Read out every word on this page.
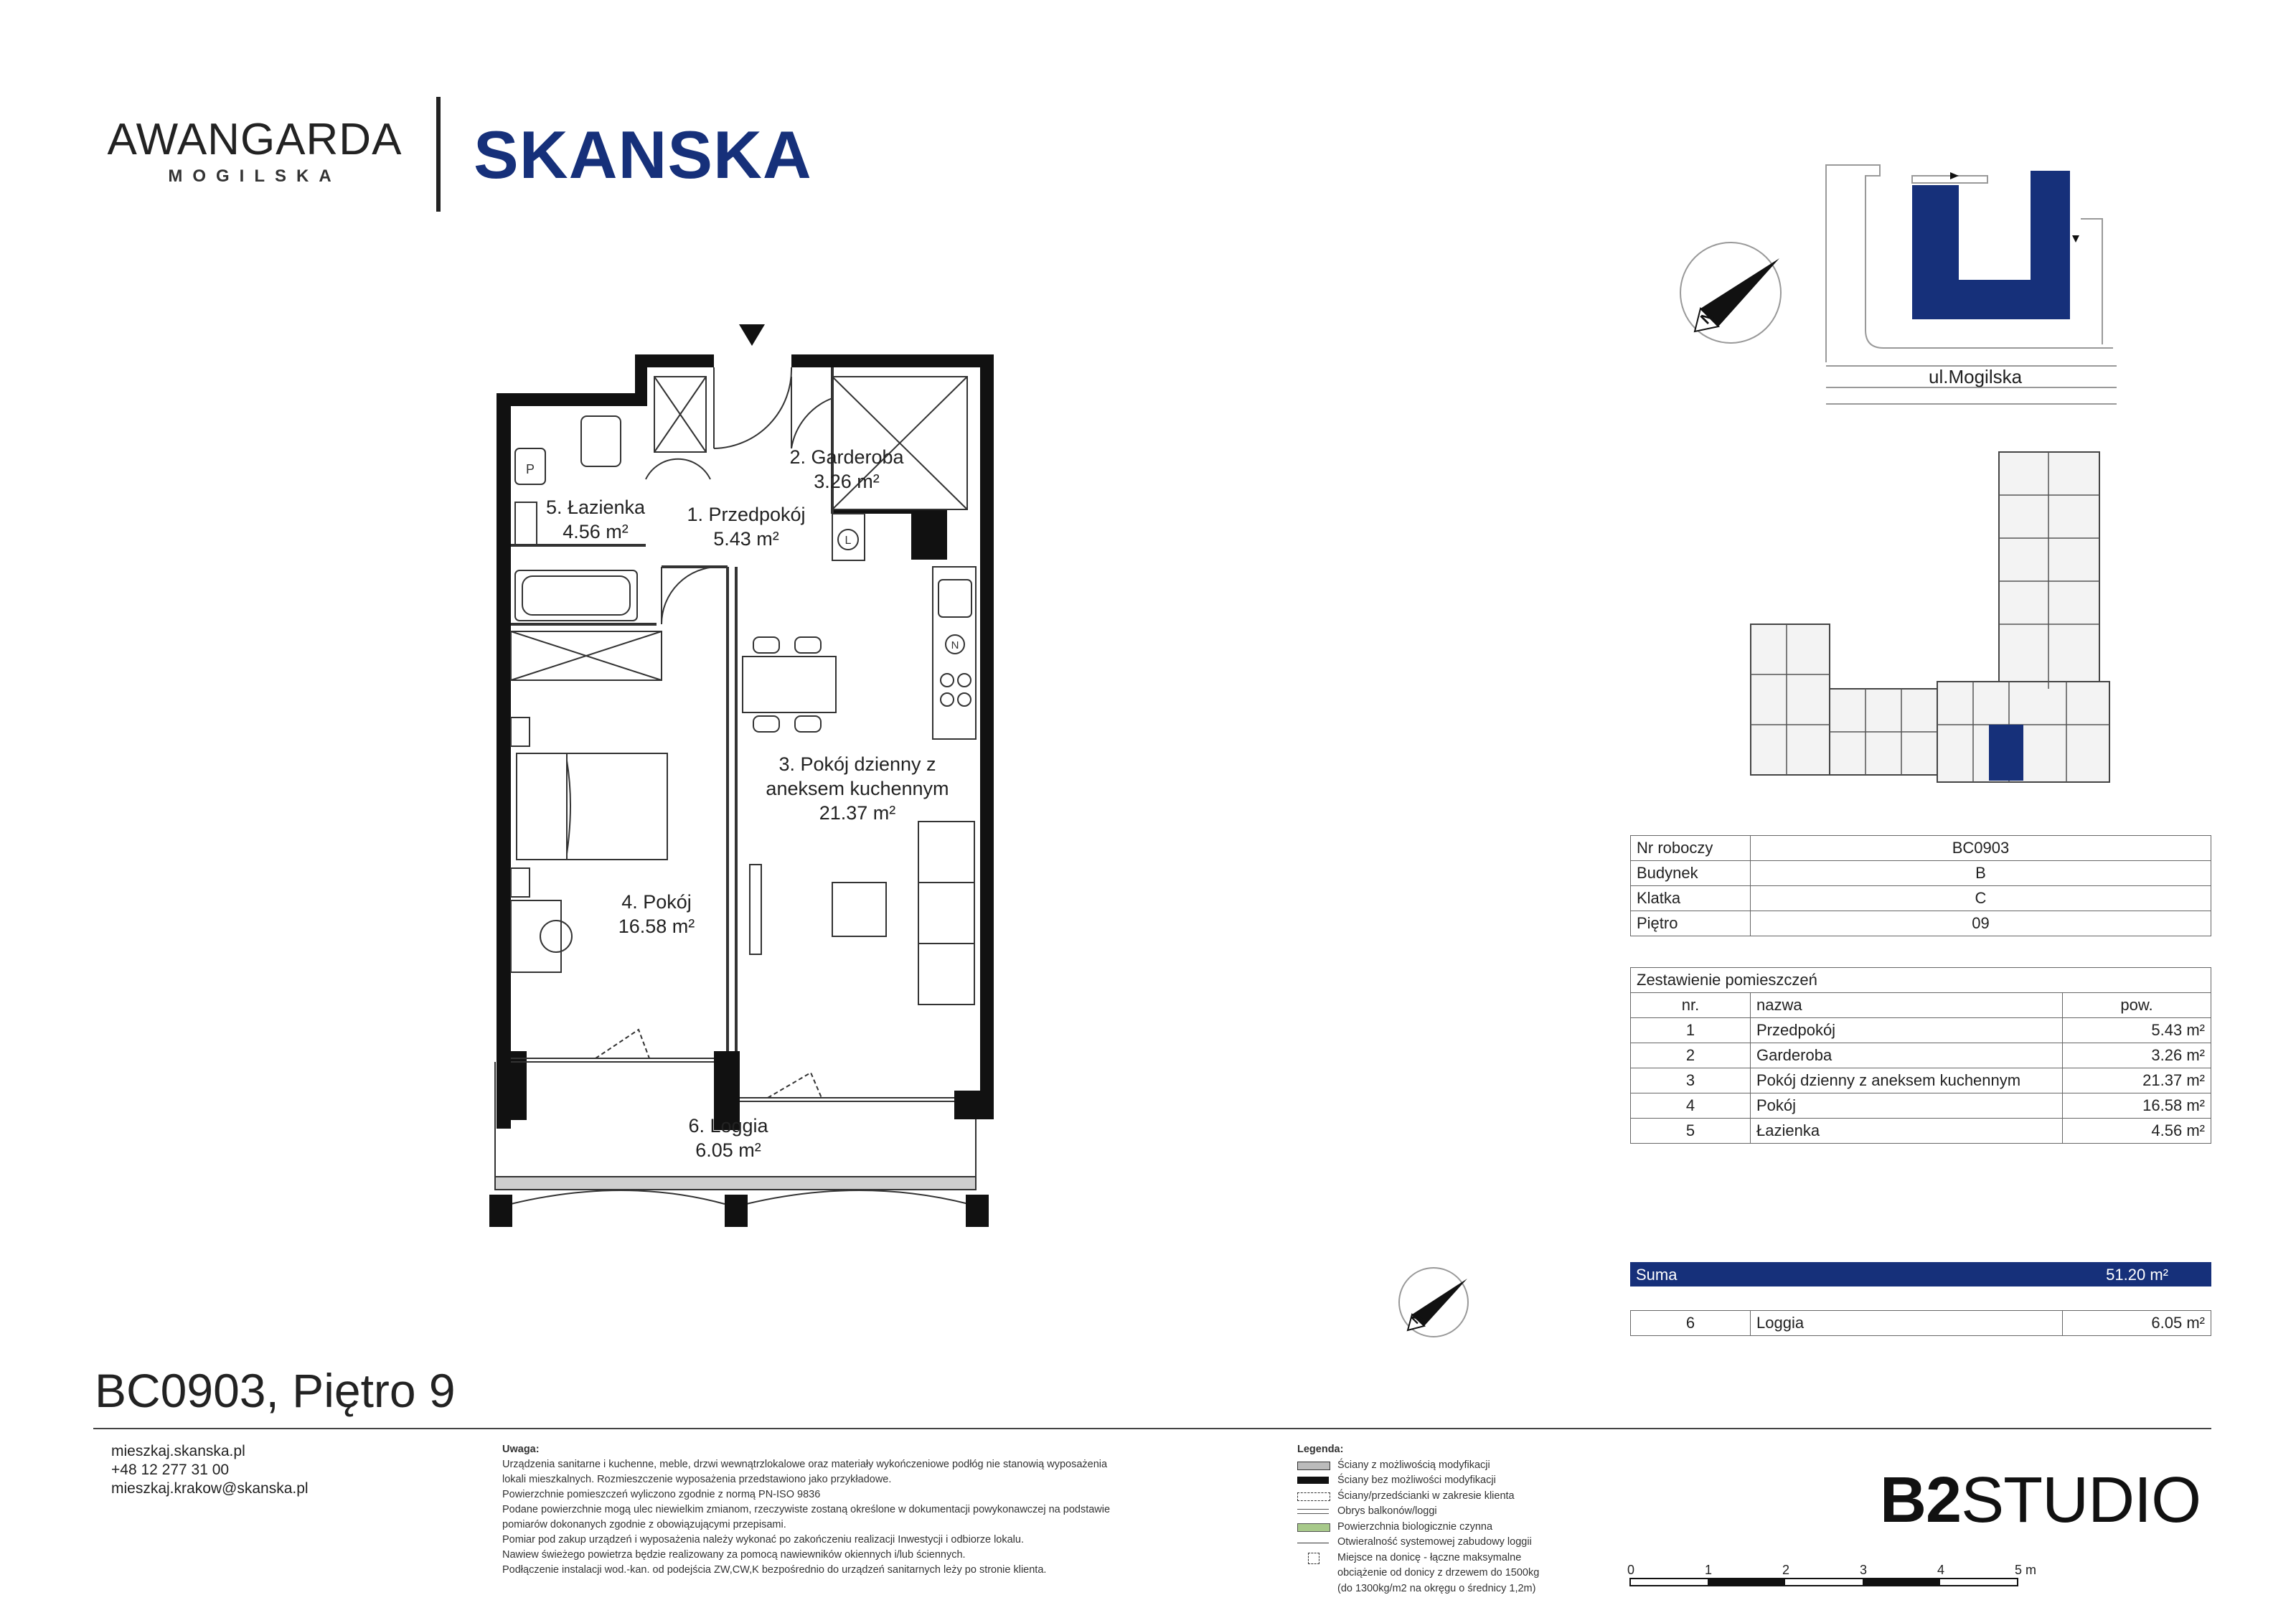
AWANGARDA
MOGILSKA	SKANSKA
P
L
N
2. Garderoba
3.26 m²
1. Przedpokój
5.43 m²
5. Łazienka
4.56 m²
3. Pokój dzienny z
aneksem kuchennym
21.37 m²
4. Pokój
16.58 m²
6. Loggia
6.05 m²
N
ul.Mogilska
Nr roboczy	BC0903
Budynek	B
Klatka	C
Piętro	09
Zestawienie pomieszczeń		
nr.	nazwa	pow.
1	Przedpokój	5.43 m²
2	Garderoba	3.26 m²
3	Pokój dzienny z aneksem kuchennym	21.37 m²
4	Pokój	16.58 m²
5	Łazienka	4.56 m²
Suma	51.20 m²
6	Loggia	6.05 m²
N
BC0903, Piętro 9
mieszkaj.skanska.pl
+48 12 277 31 00
mieszkaj.krakow@skanska.pl
Uwaga:
Urządzenia sanitarne i kuchenne, meble, drzwi wewnątrzlokalowe oraz materiały wykończeniowe podłóg nie stanowią wyposażenia
lokali mieszkalnych. Rozmieszczenie wyposażenia przedstawiono jako przykładowe.
Powierzchnie pomieszczeń wyliczono zgodnie z normą PN-ISO 9836
Podane powierzchnie mogą ulec niewielkim zmianom, rzeczywiste zostaną określone w dokumentacji powykonawczej na podstawie
pomiarów dokonanych zgodnie z obowiązującymi przepisami.
Pomiar pod zakup urządzeń i wyposażenia należy wykonać po zakończeniu realizacji Inwestycji i odbiorze lokalu.
Nawiew świeżego powietrza będzie realizowany za pomocą nawiewników okiennych i/lub ściennych.
Podłączenie instalacji wod.-kan. od podejścia ZW,CW,K bezpośrednio do urządzeń sanitarnych leży po stronie klienta.
Legenda:
Ściany z możliwością modyfikacji
Ściany bez możliwości modyfikacji
Ściany/przedścianki w zakresie klienta
Obrys balkonów/loggi
Powierzchnia biologicznie czynna
Otwieralność systemowej zabudowy loggii
Miejsce na donicę - łączne maksymalne
obciążenie od donicy z drzewem do 1500kg
(do 1300kg/m2 na okręgu o średnicy 1,2m)
B2STUDIO
0	1	2	3	4	5 m
